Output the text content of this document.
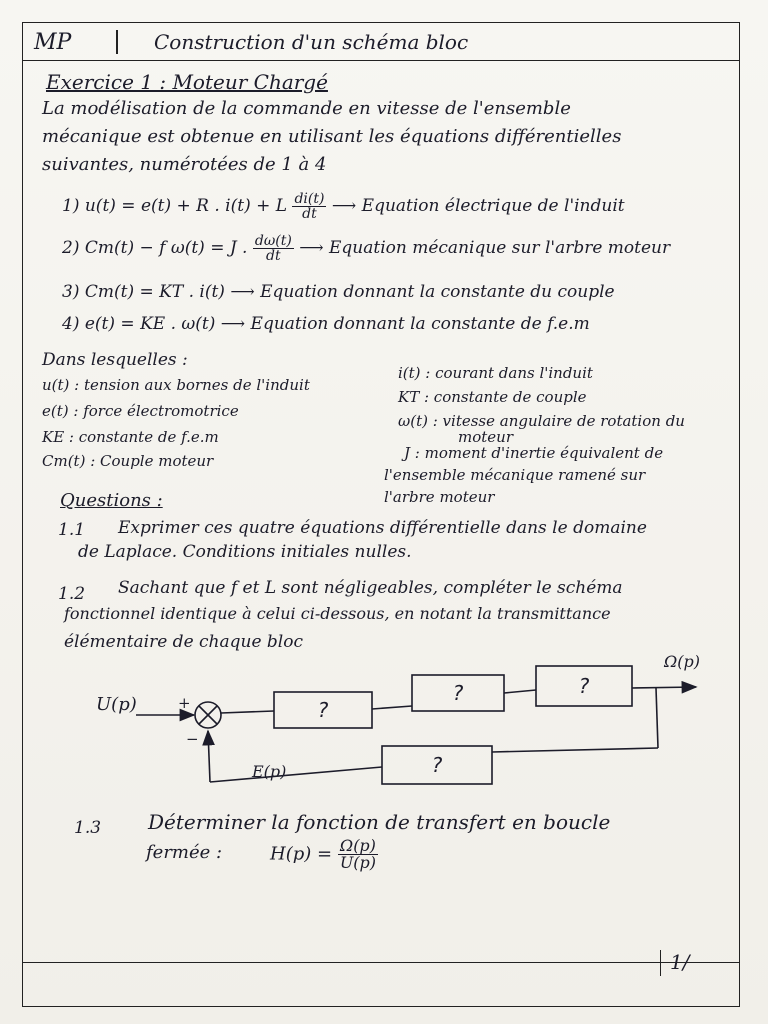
MP	Construction d'un schéma bloc
Exercice 1 : Moteur Chargé
La modélisation de la commande en vitesse de l'ensemble
mécanique est obtenue en utilisant les équations différentielles
suivantes, numérotées de 1 à 4
1) u(t) = e(t) + R . i(t) + L $\frac{di(t)}{dt}$ ⟶ Equation électrique de l'induit
2) Cm(t) − f ω(t) = J . $\frac{d\omega(t)}{dt}$ ⟶ Equation mécanique sur l'arbre moteur
3) Cm(t) = KT . i(t) ⟶ Equation donnant la constante du couple
4) e(t) = KE . ω(t) ⟶ Equation donnant la constante de f.e.m
Dans lesquelles :
u(t) : tension aux bornes de l'induit
e(t) : force électromotrice
KE : constante de f.e.m
Cm(t) : Couple moteur
i(t) : courant dans l'induit
KT : constante de couple
ω(t) : vitesse angulaire de rotation du
moteur
J : moment d'inertie équivalent de
l'ensemble mécanique ramené sur
l'arbre moteur
Questions :
1.1 Exprimer ces quatre équations différentielle dans le domaine
de Laplace. Conditions initiales nulles.
1.2 Sachant que f et L sont négligeables, compléter le schéma
fonctionnel identique à celui ci-dessous, en notant la transmittance
élémentaire de chaque bloc
U(p)
Ω(p)
E(p)
+
−
?
?	?
?
1.3 Déterminer la fonction de transfert en boucle
fermée :	$H(p) = \frac{\Omega(p)}{U(p)}$
1/
